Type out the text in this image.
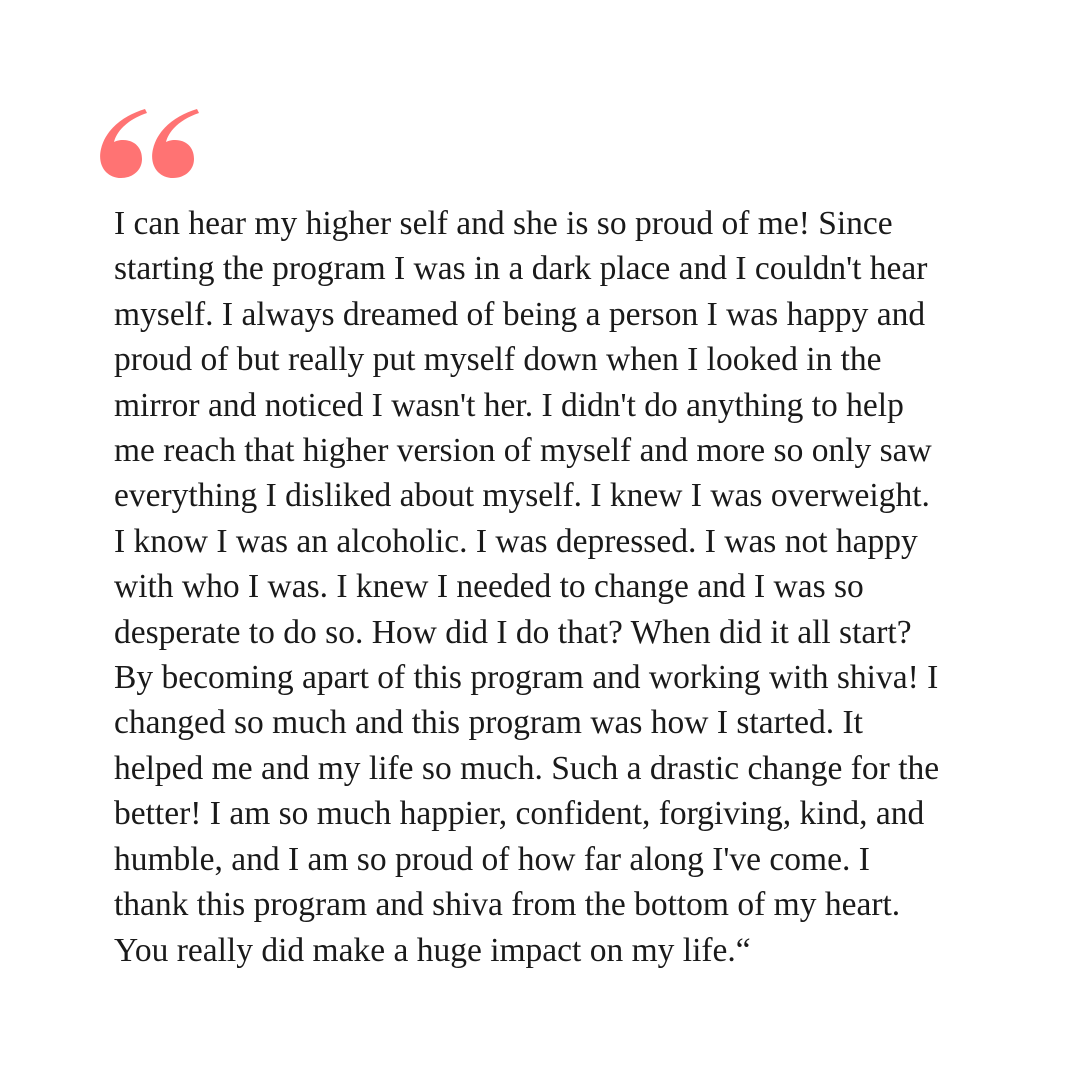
I can hear my higher self and she is so proud of me! Since
starting the program I was in a dark place and I couldn't hear
myself. I always dreamed of being a person I was happy and
proud of but really put myself down when I looked in the
mirror and noticed I wasn't her. I didn't do anything to help
me reach that higher version of myself and more so only saw
everything I disliked about myself. I knew I was overweight.
I know I was an alcoholic. I was depressed. I was not happy
with who I was. I knew I needed to change and I was so
desperate to do so. How did I do that? When did it all start?
By becoming apart of this program and working with shiva! I
changed so much and this program was how I started. It
helped me and my life so much. Such a drastic change for the
better! I am so much happier, confident, forgiving, kind, and
humble, and I am so proud of how far along I've come. I
thank this program and shiva from the bottom of my heart.
You really did make a huge impact on my life.“
